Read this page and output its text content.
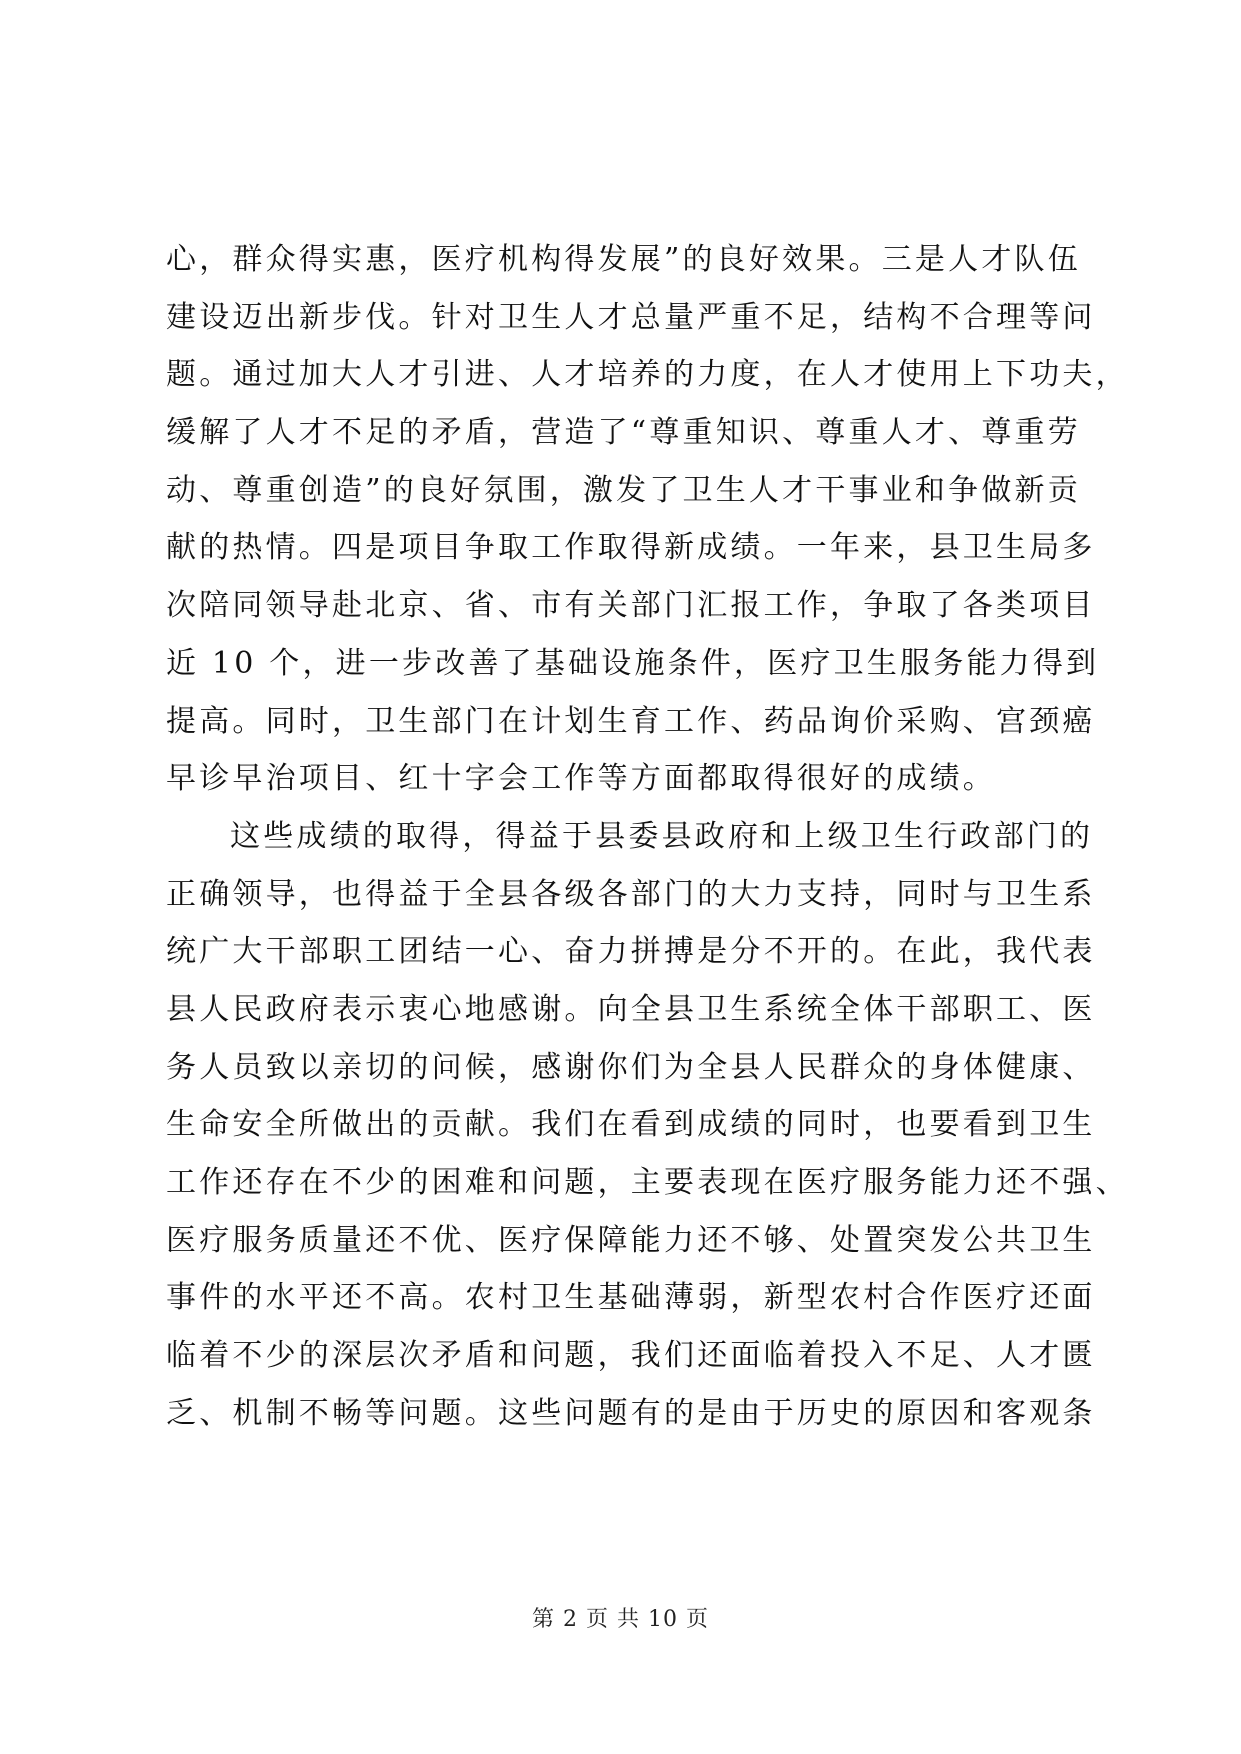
心，群众得实惠，医疗机构得发展”的良好效果。三是人才队伍

建设迈出新步伐。针对卫生人才总量严重不足，结构不合理等问

题。通过加大人才引进、人才培养的力度，在人才使用上下功夫，

缓解了人才不足的矛盾，营造了“尊重知识、尊重人才、尊重劳

动、尊重创造”的良好氛围，激发了卫生人才干事业和争做新贡

献的热情。四是项目争取工作取得新成绩。一年来，县卫生局多

次陪同领导赴北京、省、市有关部门汇报工作，争取了各类项目

近 10 个，进一步改善了基础设施条件，医疗卫生服务能力得到

提高。同时，卫生部门在计划生育工作、药品询价采购、宫颈癌

早诊早治项目、红十字会工作等方面都取得很好的成绩。

这些成绩的取得，得益于县委县政府和上级卫生行政部门的

正确领导，也得益于全县各级各部门的大力支持，同时与卫生系

统广大干部职工团结一心、奋力拼搏是分不开的。在此，我代表

县人民政府表示衷心地感谢。向全县卫生系统全体干部职工、医

务人员致以亲切的问候，感谢你们为全县人民群众的身体健康、

生命安全所做出的贡献。我们在看到成绩的同时，也要看到卫生

工作还存在不少的困难和问题，主要表现在医疗服务能力还不强、

医疗服务质量还不优、医疗保障能力还不够、处置突发公共卫生

事件的水平还不高。农村卫生基础薄弱，新型农村合作医疗还面

临着不少的深层次矛盾和问题，我们还面临着投入不足、人才匮

乏、机制不畅等问题。这些问题有的是由于历史的原因和客观条

第 2 页 共 10 页
